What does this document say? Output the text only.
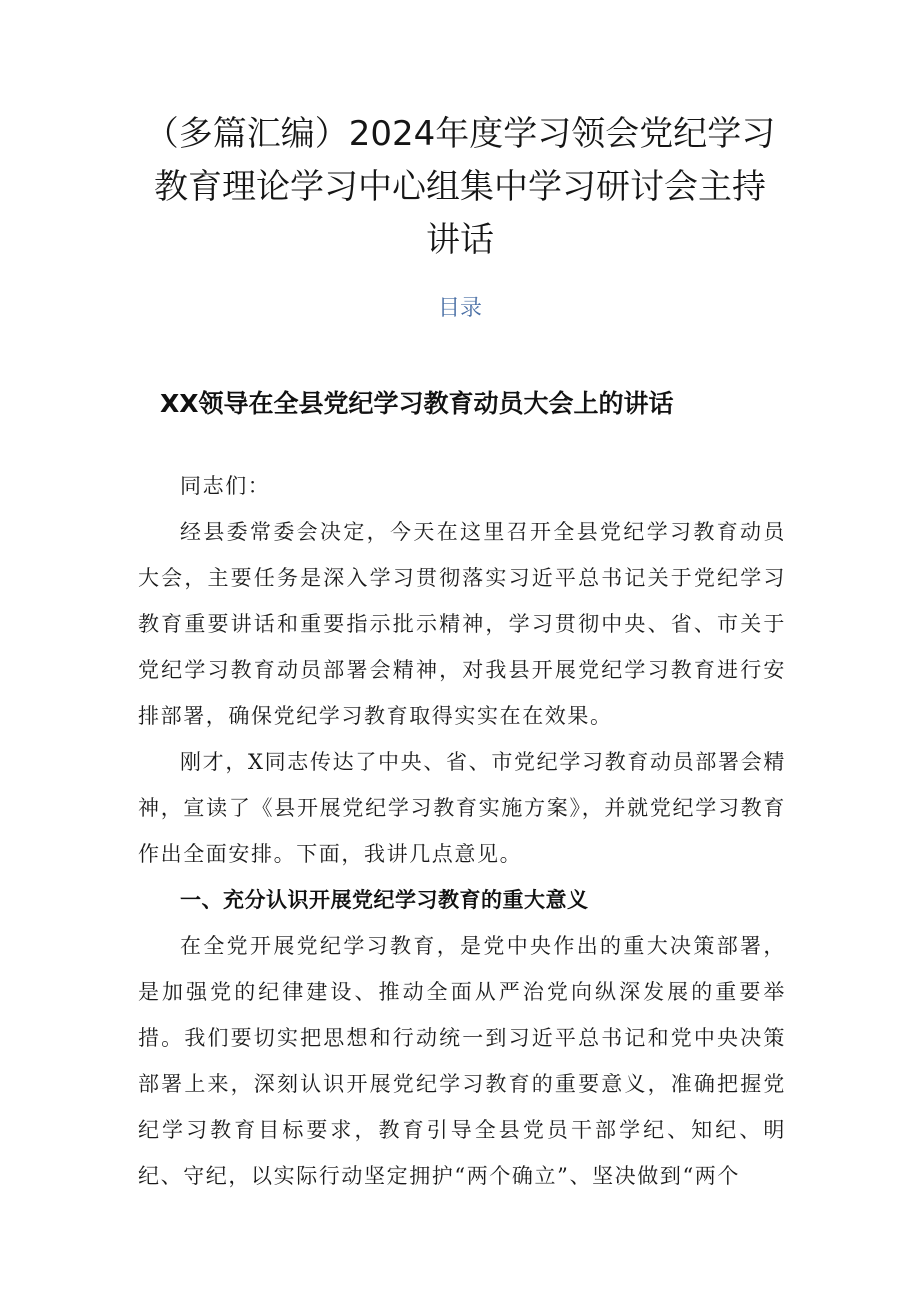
（多篇汇编）2024年度学习领会党纪学习
教育理论学习中心组集中学习研讨会主持
讲话
目录
XX领导在全县党纪学习教育动员大会上的讲话

同志们：

经县委常委会决定，今天在这里召开全县党纪学习教育动员大会，主要任务是深入学习贯彻落实习近平总书记关于党纪学习教育重要讲话和重要指示批示精神，学习贯彻中央、省、市关于党纪学习教育动员部署会精神，对我县开展党纪学习教育进行安排部署，确保党纪学习教育取得实实在在效果。

刚才，X同志传达了中央、省、市党纪学习教育动员部署会精神，宣读了《县开展党纪学习教育实施方案》，并就党纪学习教育作出全面安排。下面，我讲几点意见。

一、充分认识开展党纪学习教育的重大意义

在全党开展党纪学习教育，是党中央作出的重大决策部署，是加强党的纪律建设、推动全面从严治党向纵深发展的重要举措。我们要切实把思想和行动统一到习近平总书记和党中央决策部署上来，深刻认识开展党纪学习教育的重要意义，准确把握党纪学习教育目标要求，教育引导全县党员干部学纪、知纪、明纪、守纪，以实际行动坚定拥护“两个确立”、坚决做到“两个
